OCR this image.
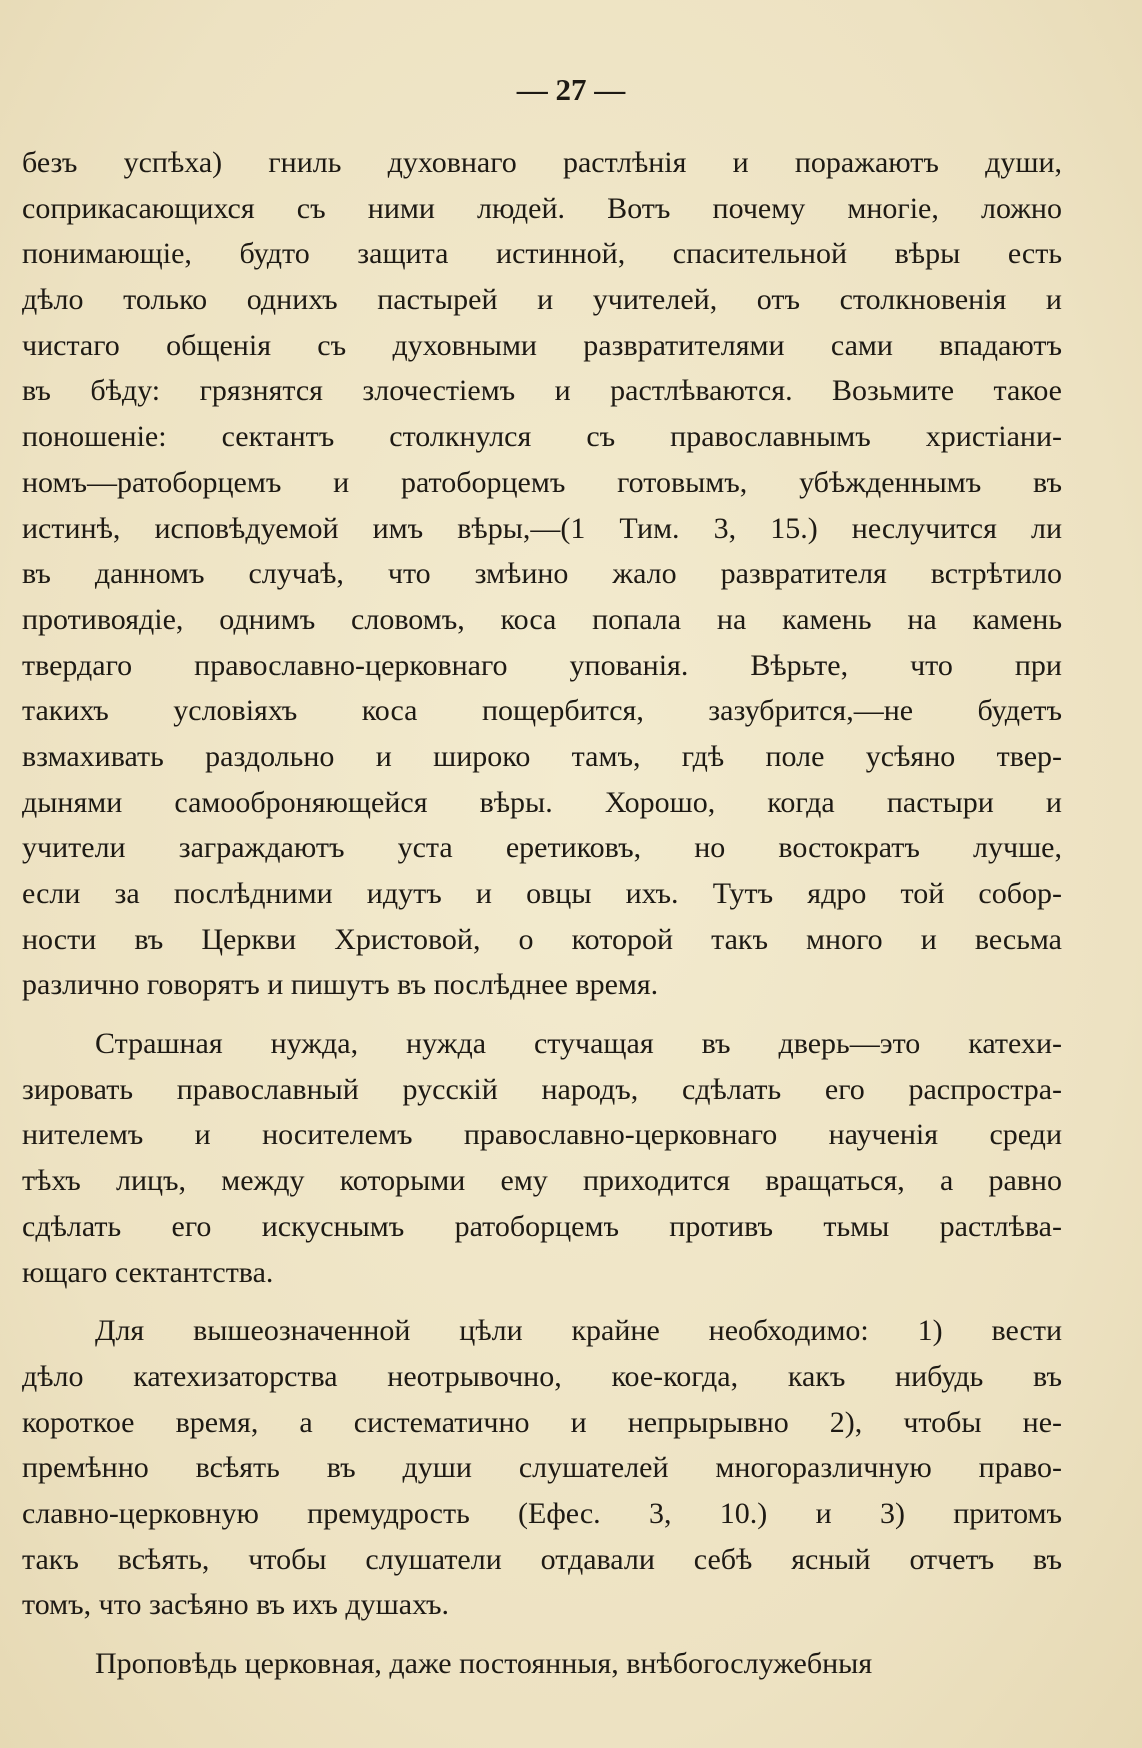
— 27 —
безъ успѣха) гниль духовнаго растлѣнія и поражаютъ души,
соприкасающихся съ ними людей. Вотъ почему многіе, ложно
понимающіе, будто защита истинной, спасительной вѣры есть
дѣло только однихъ пастырей и учителей, отъ столкновенія и
чистаго общенія съ духовными развратителями сами впадаютъ
въ бѣду: грязнятся злочестіемъ и растлѣваются. Возьмите такое
поношеніе: сектантъ столкнулся съ православнымъ христіани-
номъ—ратоборцемъ и ратоборцемъ готовымъ, убѣжденнымъ въ
истинѣ, исповѣдуемой имъ вѣры,—(1 Тим. 3, 15.) неслучится ли
въ данномъ случаѣ, что змѣино жало развратителя встрѣтило
противоядіе, однимъ словомъ, коса попала на камень на камень
твердаго православно-церковнаго упованія. Вѣрьте, что при
такихъ условіяхъ коса пощербится, зазубрится,—не будетъ
взмахивать раздольно и широко тамъ, гдѣ поле усѣяно твер-
дынями самооброняющейся вѣры. Хорошо, когда пастыри и
учители заграждаютъ уста еретиковъ, но востократъ лучше,
если за послѣдними идутъ и овцы ихъ. Тутъ ядро той собор-
ности въ Церкви Христовой, о которой такъ много и весьма
различно говорятъ и пишутъ въ послѣднее время.
Страшная нужда, нужда стучащая въ дверь—это катехи-
зировать православный русскій народъ, сдѣлать его распростра-
нителемъ и носителемъ православно-церковнаго наученія среди
тѣхъ лицъ, между которыми ему приходится вращаться, а равно
сдѣлать его искуснымъ ратоборцемъ противъ тьмы растлѣва-
ющаго сектантства.
Для вышеозначенной цѣли крайне необходимо: 1) вести
дѣло катехизаторства неотрывочно, кое-когда, какъ нибудь въ
короткое время, а систематично и непрырывно 2), чтобы не-
премѣнно всѣять въ души слушателей многоразличную право-
славно-церковную премудрость (Ефес. 3, 10.) и 3) притомъ
такъ всѣять, чтобы слушатели отдавали себѣ ясный отчетъ въ
томъ, что засѣяно въ ихъ душахъ.
Проповѣдь церковная, даже постоянныя, внѣбогослужебныя
